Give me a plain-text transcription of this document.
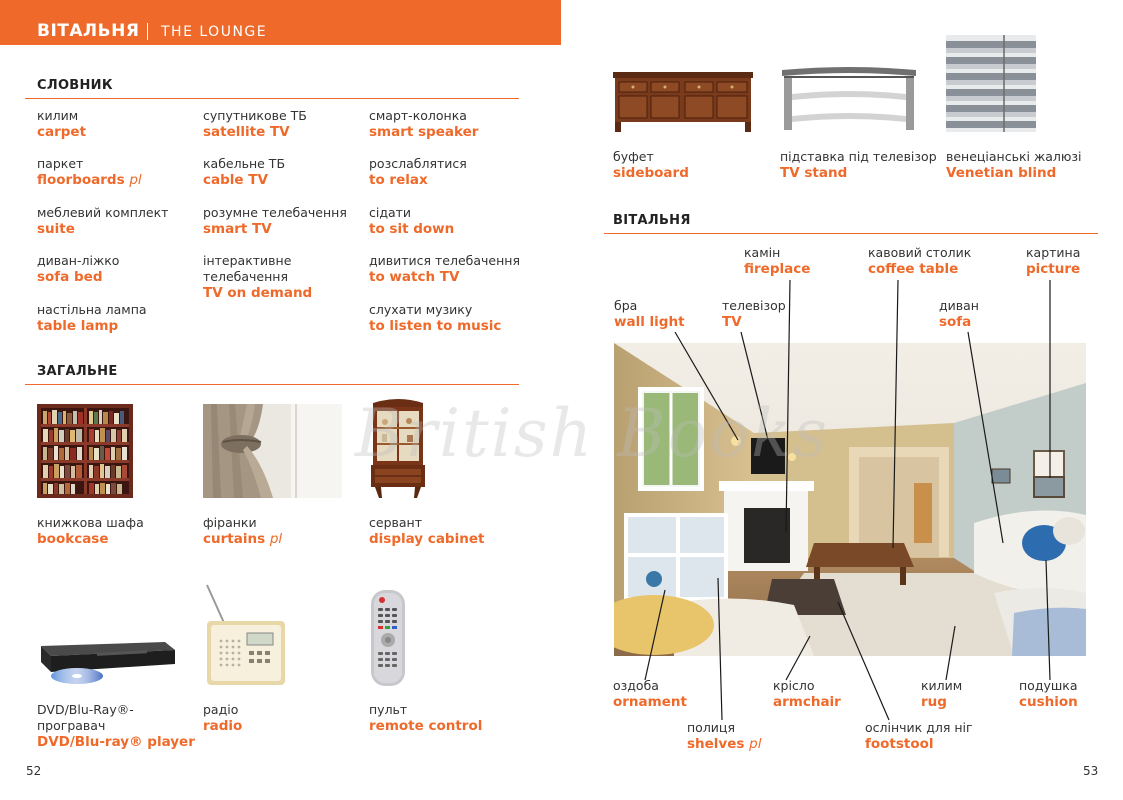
ВІТАЛЬНЯ THE LOUNGE
СЛОВНИК
килим
carpet
паркет
floorboards pl
меблевий комплект
suite
диван-ліжко
sofa bed
настільна лампа
table lamp
супутникове ТБ
satellite TV
кабельне ТБ
cable TV
розумне телебачення
smart TV
інтерактивне
телебачення
TV on demand
смарт-колонка
smart speaker
розслаблятися
to relax
сідати
to sit down
дивитися телебачення
to watch TV
слухати музику
to listen to music
ЗАГАЛЬНЕ
книжкова шафа
bookcase
фіранки
curtains pl
сервант
display cabinet
DVD/Blu-Ray®-
програвач
DVD/Blu-ray® player
радіо
radio
пульт
remote control
52
буфет
sideboard
підставка під телевізор
TV stand
венеціанські жалюзі
Venetian blind
ВІТАЛЬНЯ
камін
fireplace
кавовий столик
coffee table
картина
picture
бра
wall light
телевізор
TV
диван
sofa
оздоба
ornament
крісло
armchair
килим
rug
подушка
cushion
полиця
shelves pl
ослінчик для ніг
footstool
53
British Books
